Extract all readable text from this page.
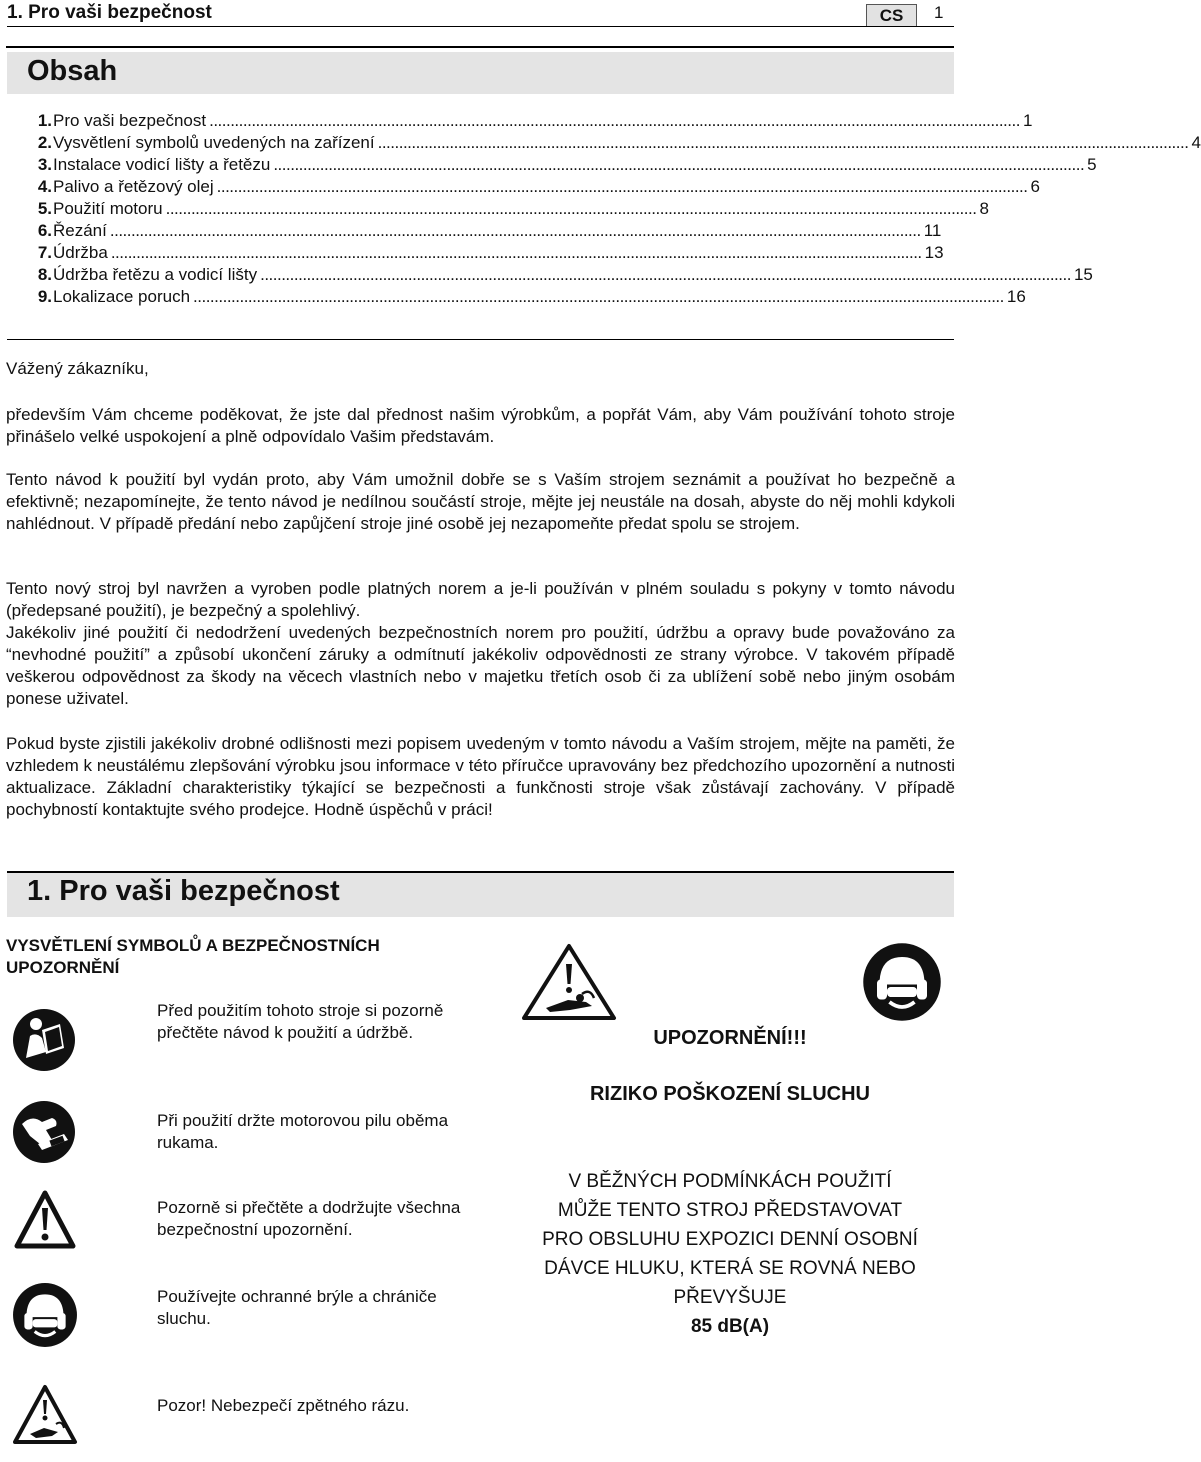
1. Pro vaši bezpečnost	CS	1
Obsah
1. Pro vaši bezpečnost ................................................................................................................................................................................................ 1
2. Vysvětlení symbolů uvedených na zařízení ................................................................................................................................................................................................ 4
3. Instalace vodicí lišty a řetězu ................................................................................................................................................................................................ 5
4. Palivo a řetězový olej ................................................................................................................................................................................................ 6
5. Použití motoru ................................................................................................................................................................................................ 8
6. Řezání ................................................................................................................................................................................................ 11
7. Údržba ................................................................................................................................................................................................ 13
8. Údržba řetězu a vodicí lišty ................................................................................................................................................................................................ 15
9. Lokalizace poruch ................................................................................................................................................................................................ 16
Vážený zákazníku,
především Vám chceme poděkovat, že jste dal přednost našim výrobkům, a popřát Vám, aby Vám používání tohoto stroje přinášelo velké uspokojení a plně odpovídalo Vašim představám.
Tento návod k použití byl vydán proto, aby Vám umožnil dobře se s Vaším strojem seznámit a používat ho bezpečně a efektivně; nezapomínejte, že tento návod je nedílnou součástí stroje, mějte jej neustále na dosah, abyste do něj mohli kdykoli nahlédnout. V případě předání nebo zapůjčení stroje jiné osobě jej nezapomeňte předat spolu se strojem.
Tento nový stroj byl navržen a vyroben podle platných norem a je-li používán v plném souladu s pokyny v tomto návodu (předepsané použití), je bezpečný a spolehlivý.
Jakékoliv jiné použití či nedodržení uvedených bezpečnostních norem pro použití, údržbu a opravy bude považováno za “nevhodné použití” a způsobí ukončení záruky a odmítnutí jakékoliv odpovědnosti ze strany výrobce. V takovém případě veškerou odpovědnost za škody na věcech vlastních nebo v majetku třetích osob či za ublížení sobě nebo jiným osobám ponese uživatel.
Pokud byste zjistili jakékoliv drobné odlišnosti mezi popisem uvedeným v tomto návodu a Vaším strojem, mějte na paměti, že vzhledem k neustálému zlepšování výrobku jsou informace v této příručce upravovány bez předchozího upozornění a nutnosti aktualizace. Základní charakteristiky týkající se bezpečnosti a funkčnosti stroje však zůstávají zachovány. V případě pochybností kontaktujte svého prodejce. Hodně úspěchů v práci!
1. Pro vaši bezpečnost
VYSVĚTLENÍ SYMBOLŮ A BEZPEČNOSTNÍCH UPOZORNĚNÍ
Před použitím tohoto stroje si pozorně přečtěte návod k použití a údržbě.
Při použití držte motorovou pilu oběma rukama.
Pozorně si přečtěte a dodržujte všechna bezpečnostní upozornění.
Používejte ochranné brýle a chrániče sluchu.
Pozor! Nebezpečí zpětného rázu.
UPOZORNĚNÍ!!!
RIZIKO POŠKOZENÍ SLUCHU
V BĚŽNÝCH PODMÍNKÁCH POUŽITÍ
MŮŽE TENTO STROJ PŘEDSTAVOVAT
PRO OBSLUHU EXPOZICI DENNÍ OSOBNÍ
DÁVCE HLUKU, KTERÁ SE ROVNÁ NEBO
PŘEVYŠUJE
85 dB(A)
